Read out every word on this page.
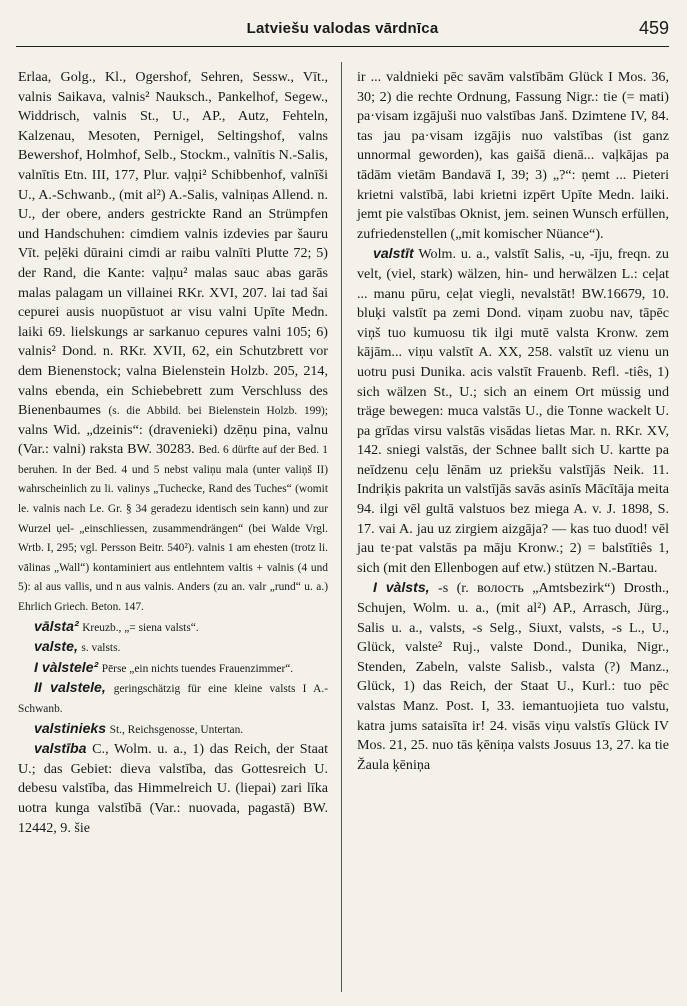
Latviešu valodas vārdnīca	459

Erlaa, Golg., Kl., Ogershof, Sehren, Sessw., Vīt., valnis Saikava, valnis² Nauksch., Pankelhof, Segew., Widdrisch, valnis St., U., AP., Autz, Fehteln, Kalzenau, Mesoten, Pernigel, Seltingshof, valns Bewershof, Holmhof, Selb., Stockm., valnītis N.-Salis, valnītis Etn. III, 177, Plur. vaļņi² Schibbenhof, valnīši U., A.-Schwanb., (mit al²) A.-Salis, valniņas Allend. n. U., der obere, anders gestrickte Rand an Strümpfen und Handschuhen: cimdiem valnis izdevies par šauru Vīt. peļēki dūraini cimdi ar raibu valnīti Plutte 72; 5) der Rand, die Kante: vaļņu² malas sauc abas garās malas palagam un villainei RKr. XVI, 207. lai tad šai cepurei ausis nuopūstuot ar visu valni Upīte Medn. laiki 69. lielskungs ar sarkanuo cepures valni 105; 6) valnis² Dond. n. RKr. XVII, 62, ein Schutzbrett vor dem Bienenstock; valna Bielenstein Holzb. 205, 214, valns ebenda, ein Schiebebrett zum Verschluss des Bienenbaumes (s. die Abbild. bei Bielenstein Holzb. 199); valns Wid. „dzeinis“: (dravenieki) dzēņu pina, valnu (Var.: valni) raksta BW. 30283. Bed. 6 dürfte auf der Bed. 1 beruhen. In der Bed. 4 und 5 nebst valiņu mala (unter valiņš II) wahrscheinlich zu li. valinys „Tuchecke, Rand des Tuches“ (womit le. valnis nach Le. Gr. § 34 geradezu identisch sein kann) und zur Wurzel ụel- „einschliessen, zusammendrängen“ (bei Walde Vrgl. Wrtb. I, 295; vgl. Persson Beitr. 540²). valnis 1 am ehesten (trotz li. vālinas „Wall“) kontaminiert aus entlehntem valtis + valnis (4 und 5): al aus vallis, und n aus valnis. Anders (zu an. valr „rund“ u. a.) Ehrlich Griech. Beton. 147.

vālsta² Kreuzb., „= siena valsts“.

valste, s. valsts.

I vàlstele² Pērse „ein nichts tuendes Frauenzimmer“.

II valstele, geringschätzig für eine kleine valsts I A.-Schwanb.

valstinieks St., Reichsgenosse, Untertan.

valstība C., Wolm. u. a., 1) das Reich, der Staat U.; das Gebiet: dieva valstība, das Gottesreich U. debesu valstība, das Himmelreich U. (liepai) zari līka uotra kunga valstībā (Var.: nuovada, pagastā) BW. 12442, 9. šie

ir ... valdnieki pēc savām valstībām Glück I Mos. 36, 30; 2) die rechte Ordnung, Fassung Nigr.: tie (= mati) pa·visam izgājuši nuo valstības Janš. Dzimtene IV, 84. tas jau pa·visam izgājis nuo valstības (ist ganz unnormal geworden), kas gaišā dienā... vaļkājas pa tādām vietām Bandavā I, 39; 3) „?“: ņemt ... Pieteri krietni valstībā, labi krietni izpērt Upīte Medn. laiki. jemt pie valstības Oknist, jem. seinen Wunsch erfüllen, zufriedenstellen („mit komischer Nüance“).

valstīt Wolm. u. a., valstīt Salis, -u, -īju, freqn. zu velt, (viel, stark) wälzen, hin- und herwälzen L.: ceļat ... manu pūru, ceļat viegli, nevalstāt! BW.16679, 10. bluķi valstīt pa zemi Dond. viņam zuobu nav, tāpēc viņš tuo kumuosu tik ilgi mutē valsta Kronw. zem kājām... viņu valstīt A. XX, 258. valstīt uz vienu un uotru pusi Dunika. acis valstīt Frauenb. Refl. -tiês, 1) sich wälzen St., U.; sich an einem Ort müssig und träge bewegen: muca valstās U., die Tonne wackelt U. pa grīdas virsu valstās visādas lietas Mar. n. RKr. XV, 142. sniegi valstās, der Schnee ballt sich U. kartte pa neīdzenu ceļu lēnām uz priekšu valstījās Neik. 11. Indriķis pakrita un valstījās savās asinīs Mācītāja meita 94. ilgi vēl gultā valstuos bez miega A. v. J. 1898, S. 17. vai A. jau uz zirgiem aizgāja? — kas tuo duod! vēl jau te·pat valstās pa māju Kronw.; 2) = balstītiês 1, sich (mit den Ellenbogen auf etw.) stützen N.-Bartau.

I vàlsts, -s (r. волость „Amtsbezirk“) Drosth., Schujen, Wolm. u. a., (mit al²) AP., Arrasch, Jürg., Salis u. a., valsts, -s Selg., Siuxt, valsts, -s L., U., Glück, valste² Ruj., valste Dond., Dunika, Nigr., Stenden, Zabeln, valste Salisb., valsta (?) Manz., Glück, 1) das Reich, der Staat U., Kurl.: tuo pēc valstas Manz. Post. I, 33. iemantuojieta tuo valstu, katra jums sataisīta ir! 24. visās viņu valstīs Glück IV Mos. 21, 25. nuo tās ķēniņa valsts Josuus 13, 27. ka tie Žaula ķēniņa
